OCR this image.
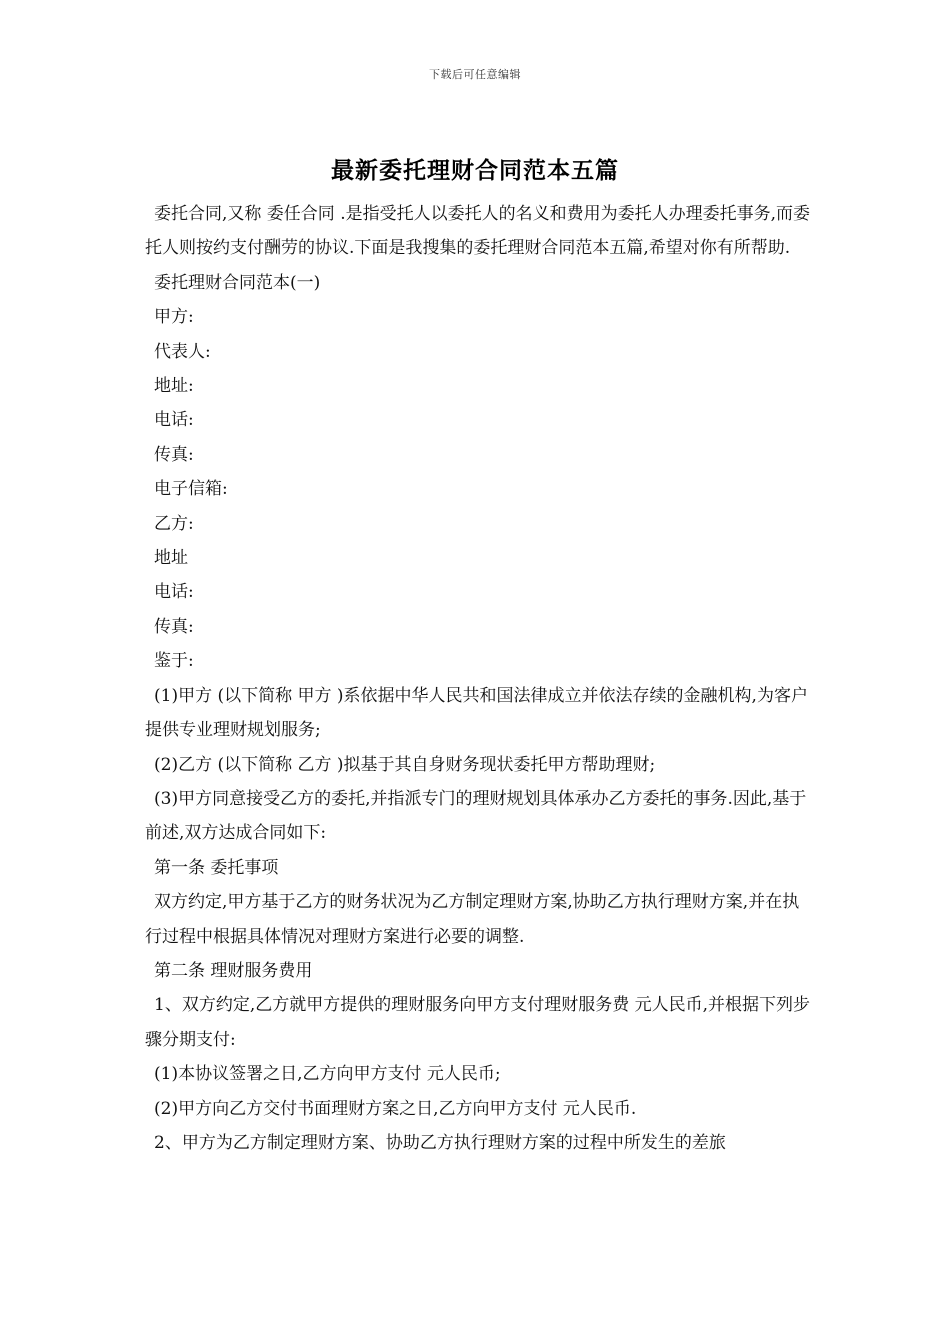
下载后可任意编辑
最新委托理财合同范本五篇

委托合同,又称 委任合同 .是指受托人以委托人的名义和费用为委托人办理委托事务,而委托人则按约支付酬劳的协议.下面是我搜集的委托理财合同范本五篇,希望对你有所帮助.

委托理财合同范本(一)

甲方:

代表人:

地址:

电话:

传真:

电子信箱:

乙方:

地址

电话:

传真:

鉴于:

(1)甲方 (以下简称 甲方 )系依据中华人民共和国法律成立并依法存续的金融机构,为客户提供专业理财规划服务;

(2)乙方 (以下简称 乙方 )拟基于其自身财务现状委托甲方帮助理财;

(3)甲方同意接受乙方的委托,并指派专门的理财规划具体承办乙方委托的事务.因此,基于前述,双方达成合同如下:

第一条 委托事项

双方约定,甲方基于乙方的财务状况为乙方制定理财方案,协助乙方执行理财方案,并在执行过程中根据具体情况对理财方案进行必要的调整.

第二条 理财服务费用

1、双方约定,乙方就甲方提供的理财服务向甲方支付理财服务费 元人民币,并根据下列步骤分期支付:

(1)本协议签署之日,乙方向甲方支付 元人民币;

(2)甲方向乙方交付书面理财方案之日,乙方向甲方支付 元人民币.

2、甲方为乙方制定理财方案、协助乙方执行理财方案的过程中所发生的差旅
